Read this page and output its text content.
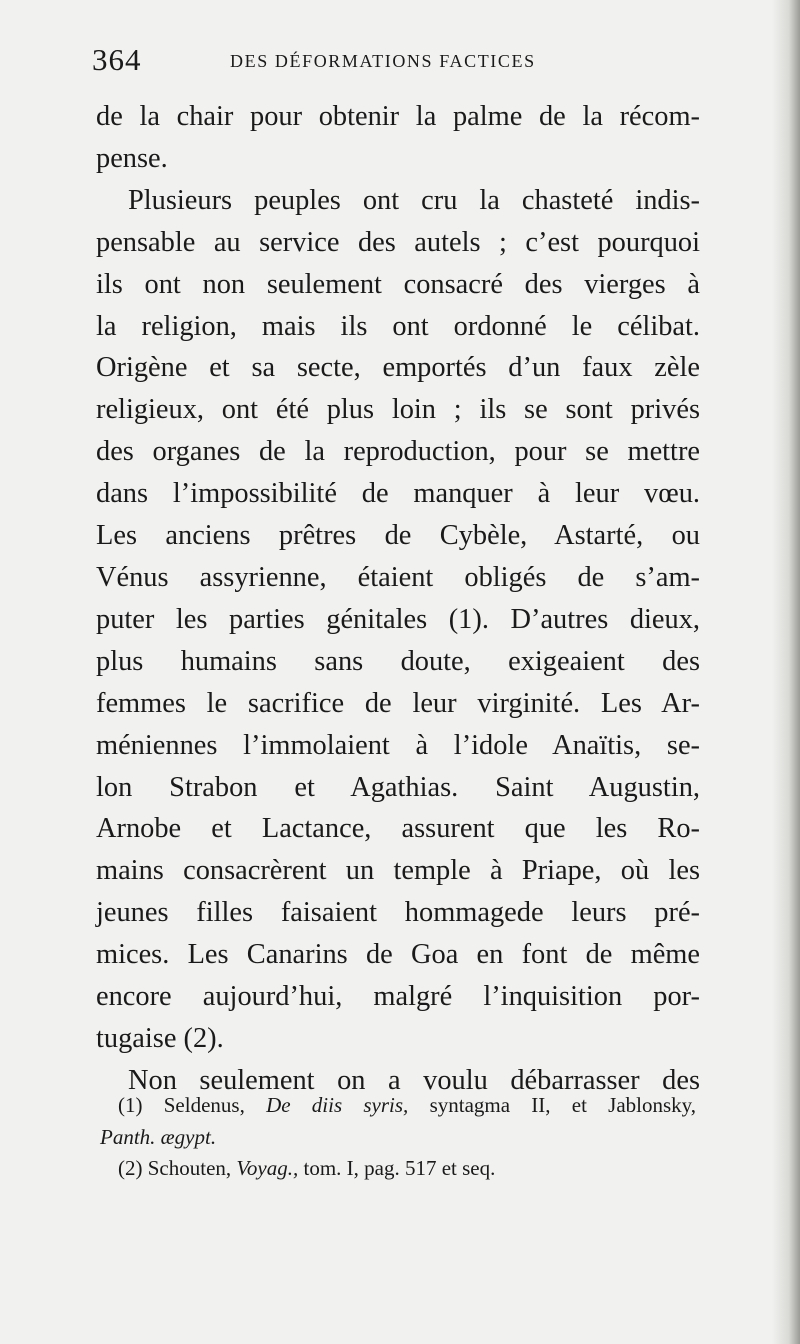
364	DES DÉFORMATIONS FACTICES
de la chair pour obtenir la palme de la récom-
pense.
Plusieurs peuples ont cru la chasteté indis-
pensable au service des autels ; c’est pourquoi
ils ont non seulement consacré des vierges à
la religion, mais ils ont ordonné le célibat.
Origène et sa secte, emportés d’un faux zèle
religieux, ont été plus loin ; ils se sont privés
des organes de la reproduction, pour se mettre
dans l’impossibilité de manquer à leur vœu.
Les anciens prêtres de Cybèle, Astarté, ou
Vénus assyrienne, étaient obligés de s’am-
puter les parties génitales (1). D’autres dieux,
plus humains sans doute, exigeaient des
femmes le sacrifice de leur virginité. Les Ar-
méniennes l’immolaient à l’idole Anaïtis, se-
lon Strabon et Agathias. Saint Augustin,
Arnobe et Lactance, assurent que les Ro-
mains consacrèrent un temple à Priape, où les
jeunes filles faisaient hommagede leurs pré-
mices. Les Canarins de Goa en font de même
encore aujourd’hui, malgré l’inquisition por-
tugaise (2).
Non seulement on a voulu débarrasser des
(1) Seldenus, De diis syris, syntagma II, et Jablonsky,
Panth. ægypt.
(2) Schouten, Voyag., tom. I, pag. 517 et seq.
